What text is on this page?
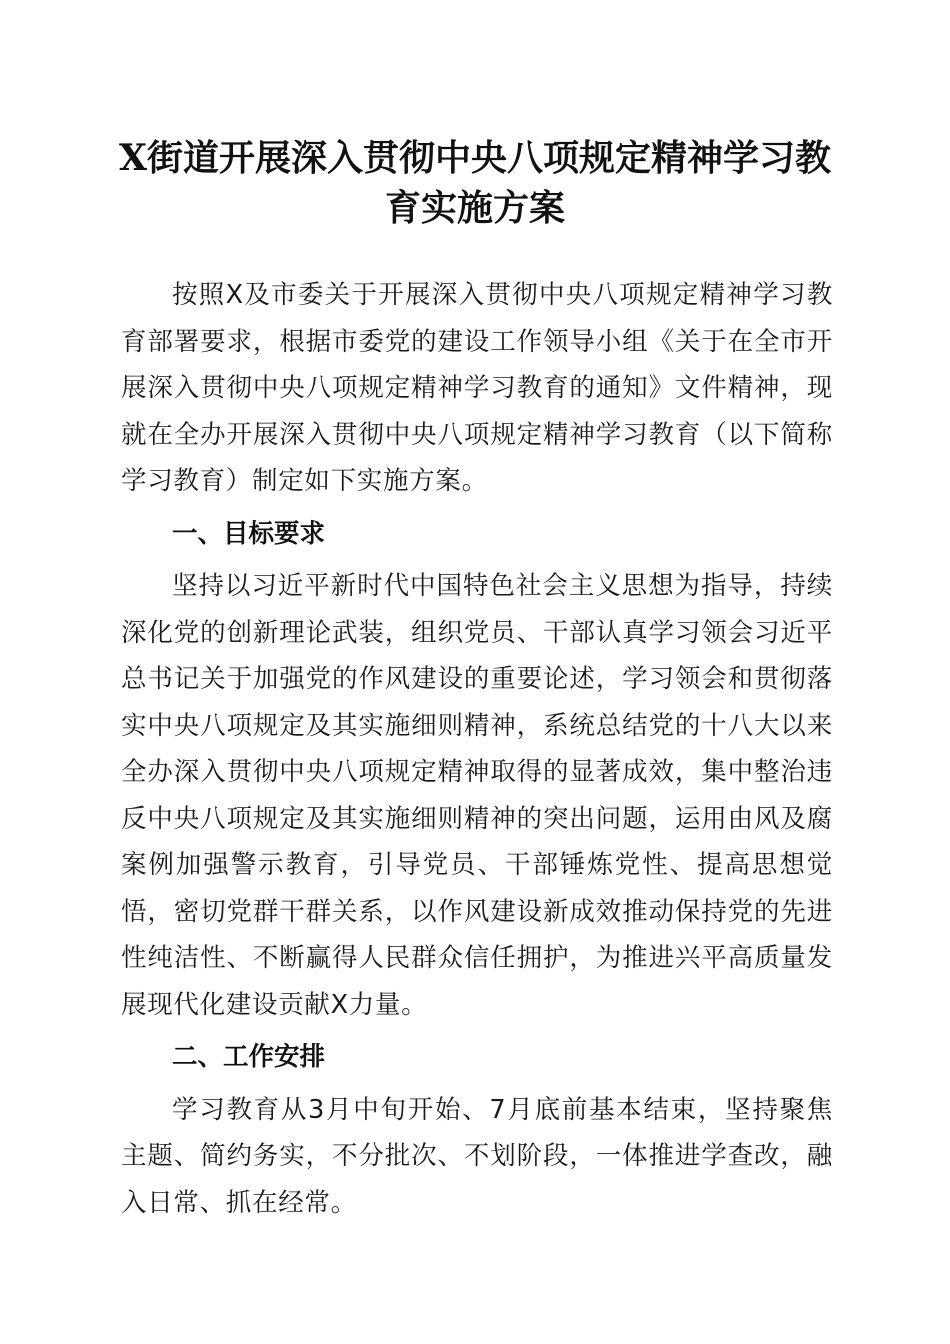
X街道开展深入贯彻中央八项规定精神学习教
育实施方案

按照X及市委关于开展深入贯彻中央八项规定精神学习教育部署要求，根据市委党的建设工作领导小组《关于在全市开展深入贯彻中央八项规定精神学习教育的通知》文件精神，现就在全办开展深入贯彻中央八项规定精神学习教育（以下简称学习教育）制定如下实施方案。

一、目标要求

坚持以习近平新时代中国特色社会主义思想为指导，持续深化党的创新理论武装，组织党员、干部认真学习领会习近平总书记关于加强党的作风建设的重要论述，学习领会和贯彻落实中央八项规定及其实施细则精神，系统总结党的十八大以来全办深入贯彻中央八项规定精神取得的显著成效，集中整治违反中央八项规定及其实施细则精神的突出问题，运用由风及腐案例加强警示教育，引导党员、干部锤炼党性、提高思想觉悟，密切党群干群关系，以作风建设新成效推动保持党的先进性纯洁性、不断赢得人民群众信任拥护，为推进兴平高质量发展现代化建设贡献X力量。

二、工作安排

学习教育从3月中旬开始、7月底前基本结束，坚持聚焦主题、简约务实，不分批次、不划阶段，一体推进学查改，融入日常、抓在经常。
